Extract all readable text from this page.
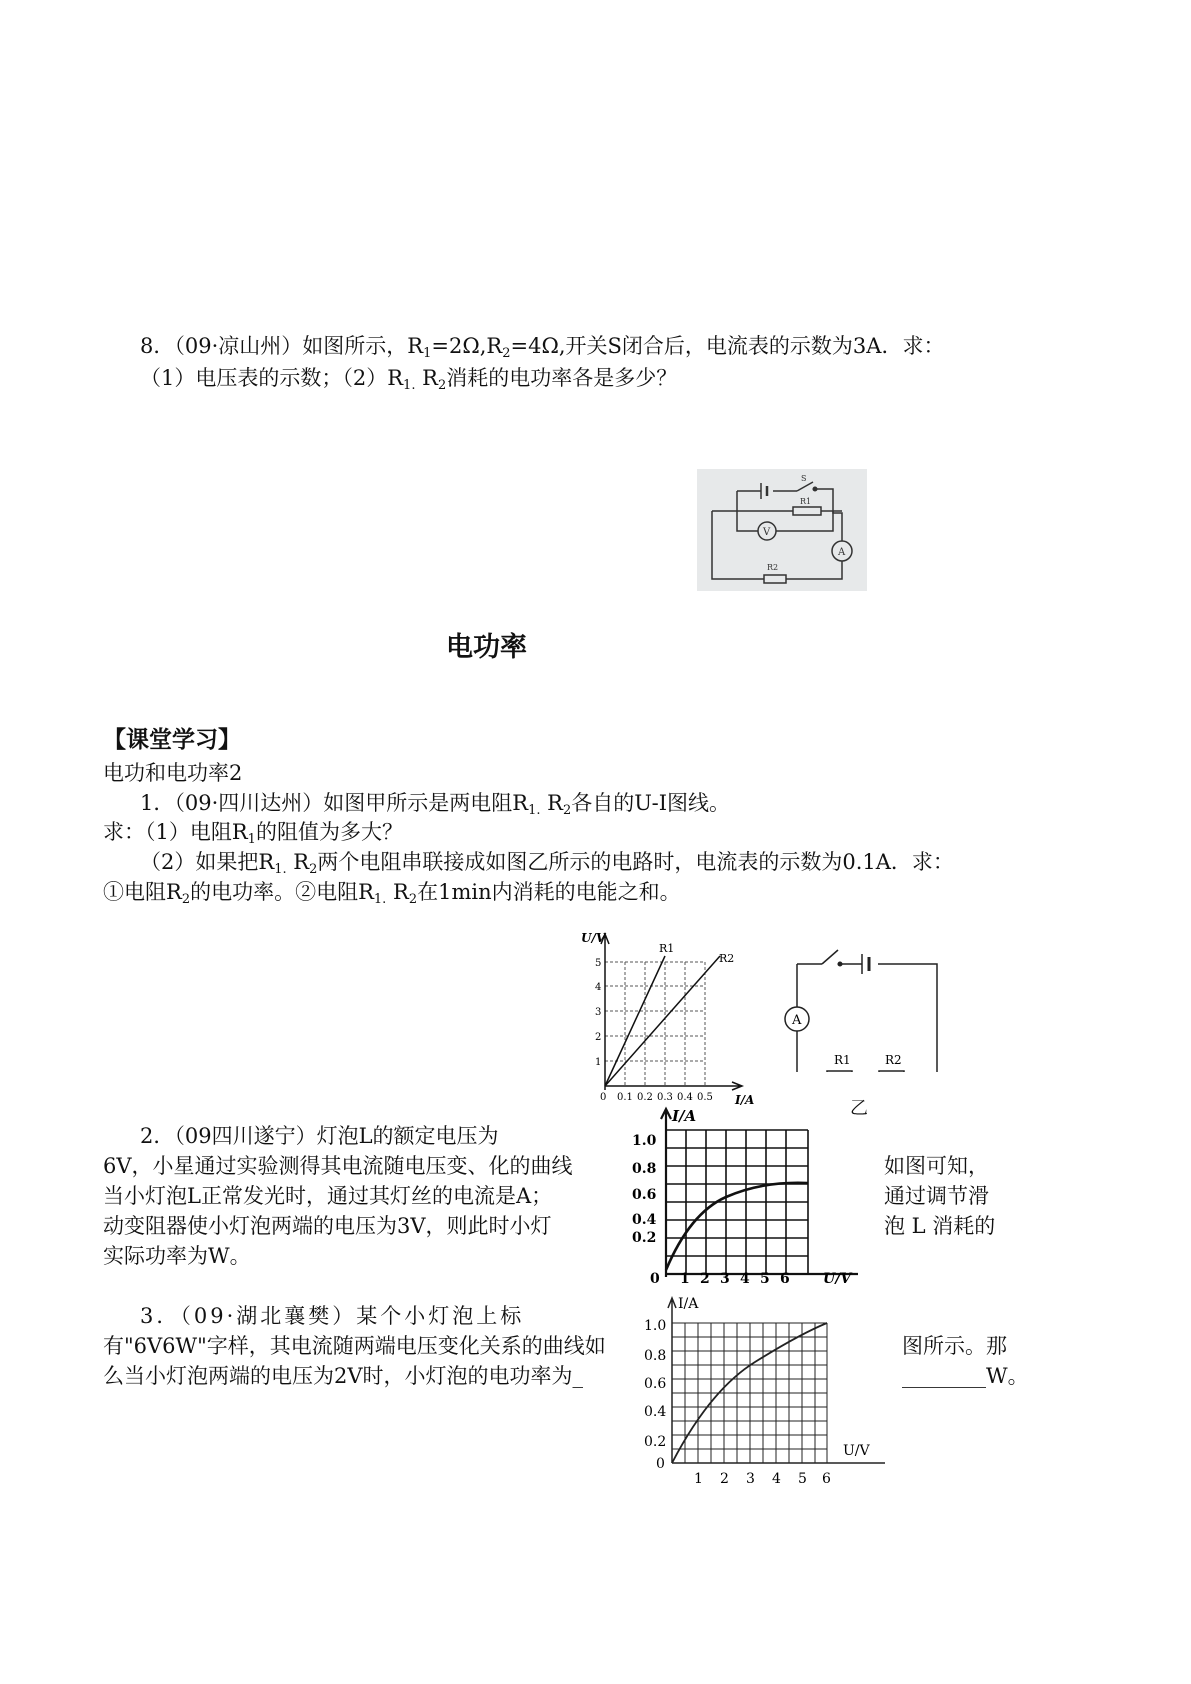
8．（09·凉山州）如图所示，$R_1=2\Omega,R_2=4\Omega$,开关S闭合后，电流表的示数为3A．求：
（1）电压表的示数；$(2)R_{1.}$ $R_2$消耗的电功率各是多少？
S
R1
V
A
R2
电功率
【课堂学习】
电功和电功率2
1．（09·四川达州）如图甲所示是两电阻$R_{1.}$ $R_2$各自的U-I图线。
求：（1）电阻$R_1$的阻值为多大？
（2）如果把$R_{1.}$ $R_2$两个电阻串联接成如图乙所示的电路时，电流表的示数为0.1A．求：
①电阻$R_2$的电功率。②电阻$R_{1.}$ $R_2$在1min内消耗的电能之和。
U/V
I/A
R1
R2
1
2
3
4
5
0 0.1 0.2 0.3 0.4 0.5
A
R1	R2
乙
2．（09四川遂宁）灯泡L的额定电压为
6V，小星通过实验测得其电流随电压变、化的曲线
当小灯泡L正常发光时，通过其灯丝的电流是A；
动变阻器使小灯泡两端的电压为3V，则此时小灯
实际功率为W。
如图可知，
通过调节滑
泡 L 消耗的
I/A
U/V
0.2
0.4
0.6
0.8
1.0
0 1 2 3 4 5 6
3．（09·湖北襄樊）某个小灯泡上标
有"6V6W"字样，其电流随两端电压变化关系的曲线如
么当小灯泡两端的电压为2V时，小灯泡的电功率为_
图所示。那
________W。
I/A
U/V
0
0.2
0.4
0.6
0.8
1.0
1 2 3 4 5 6
